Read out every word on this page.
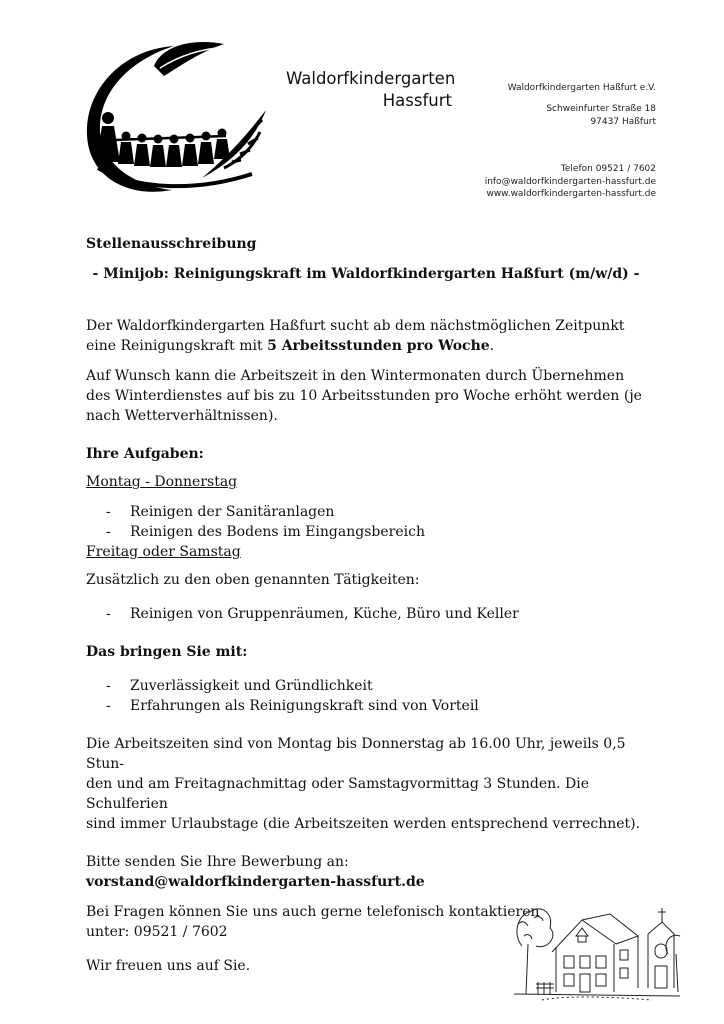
Waldorfkindergarten
Hassfurt
Waldorfkindergarten Haßfurt e.V.
Schweinfurter Straße 18
97437 Haßfurt
Telefon 09521 / 7602
info@waldorfkindergarten-hassfurt.de
www.waldorfkindergarten-hassfurt.de

Stellenausschreibung

- Minijob: Reinigungskraft im Waldorfkindergarten Haßfurt (m/w/d) -

Der Waldorfkindergarten Haßfurt sucht ab dem nächstmöglichen Zeitpunkt eine Reinigungskraft mit 5 Arbeitsstunden pro Woche.

Auf Wunsch kann die Arbeitszeit in den Wintermonaten durch Übernehmen des Winterdienstes auf bis zu 10 Arbeitsstunden pro Woche erhöht werden (je nach Wetterverhältnissen).

Ihre Aufgaben:

Montag - Donnerstag

- Reinigen der Sanitäranlagen
- Reinigen des Bodens im Eingangsbereich

Freitag oder Samstag

Zusätzlich zu den oben genannten Tätigkeiten:

- Reinigen von Gruppenräumen, Küche, Büro und Keller

Das bringen Sie mit:

- Zuverlässigkeit und Gründlichkeit
- Erfahrungen als Reinigungskraft sind von Vorteil

Die Arbeitszeiten sind von Montag bis Donnerstag ab 16.00 Uhr, jeweils 0,5 Stun-
den und am Freitagnachmittag oder Samstagvormittag 3 Stunden. Die Schulferien
sind immer Urlaubstage (die Arbeitszeiten werden entsprechend verrechnet).

Bitte senden Sie Ihre Bewerbung an:

vorstand@waldorfkindergarten-hassfurt.de

Bei Fragen können Sie uns auch gerne telefonisch kontaktieren
unter: 09521 / 7602

Wir freuen uns auf Sie.
